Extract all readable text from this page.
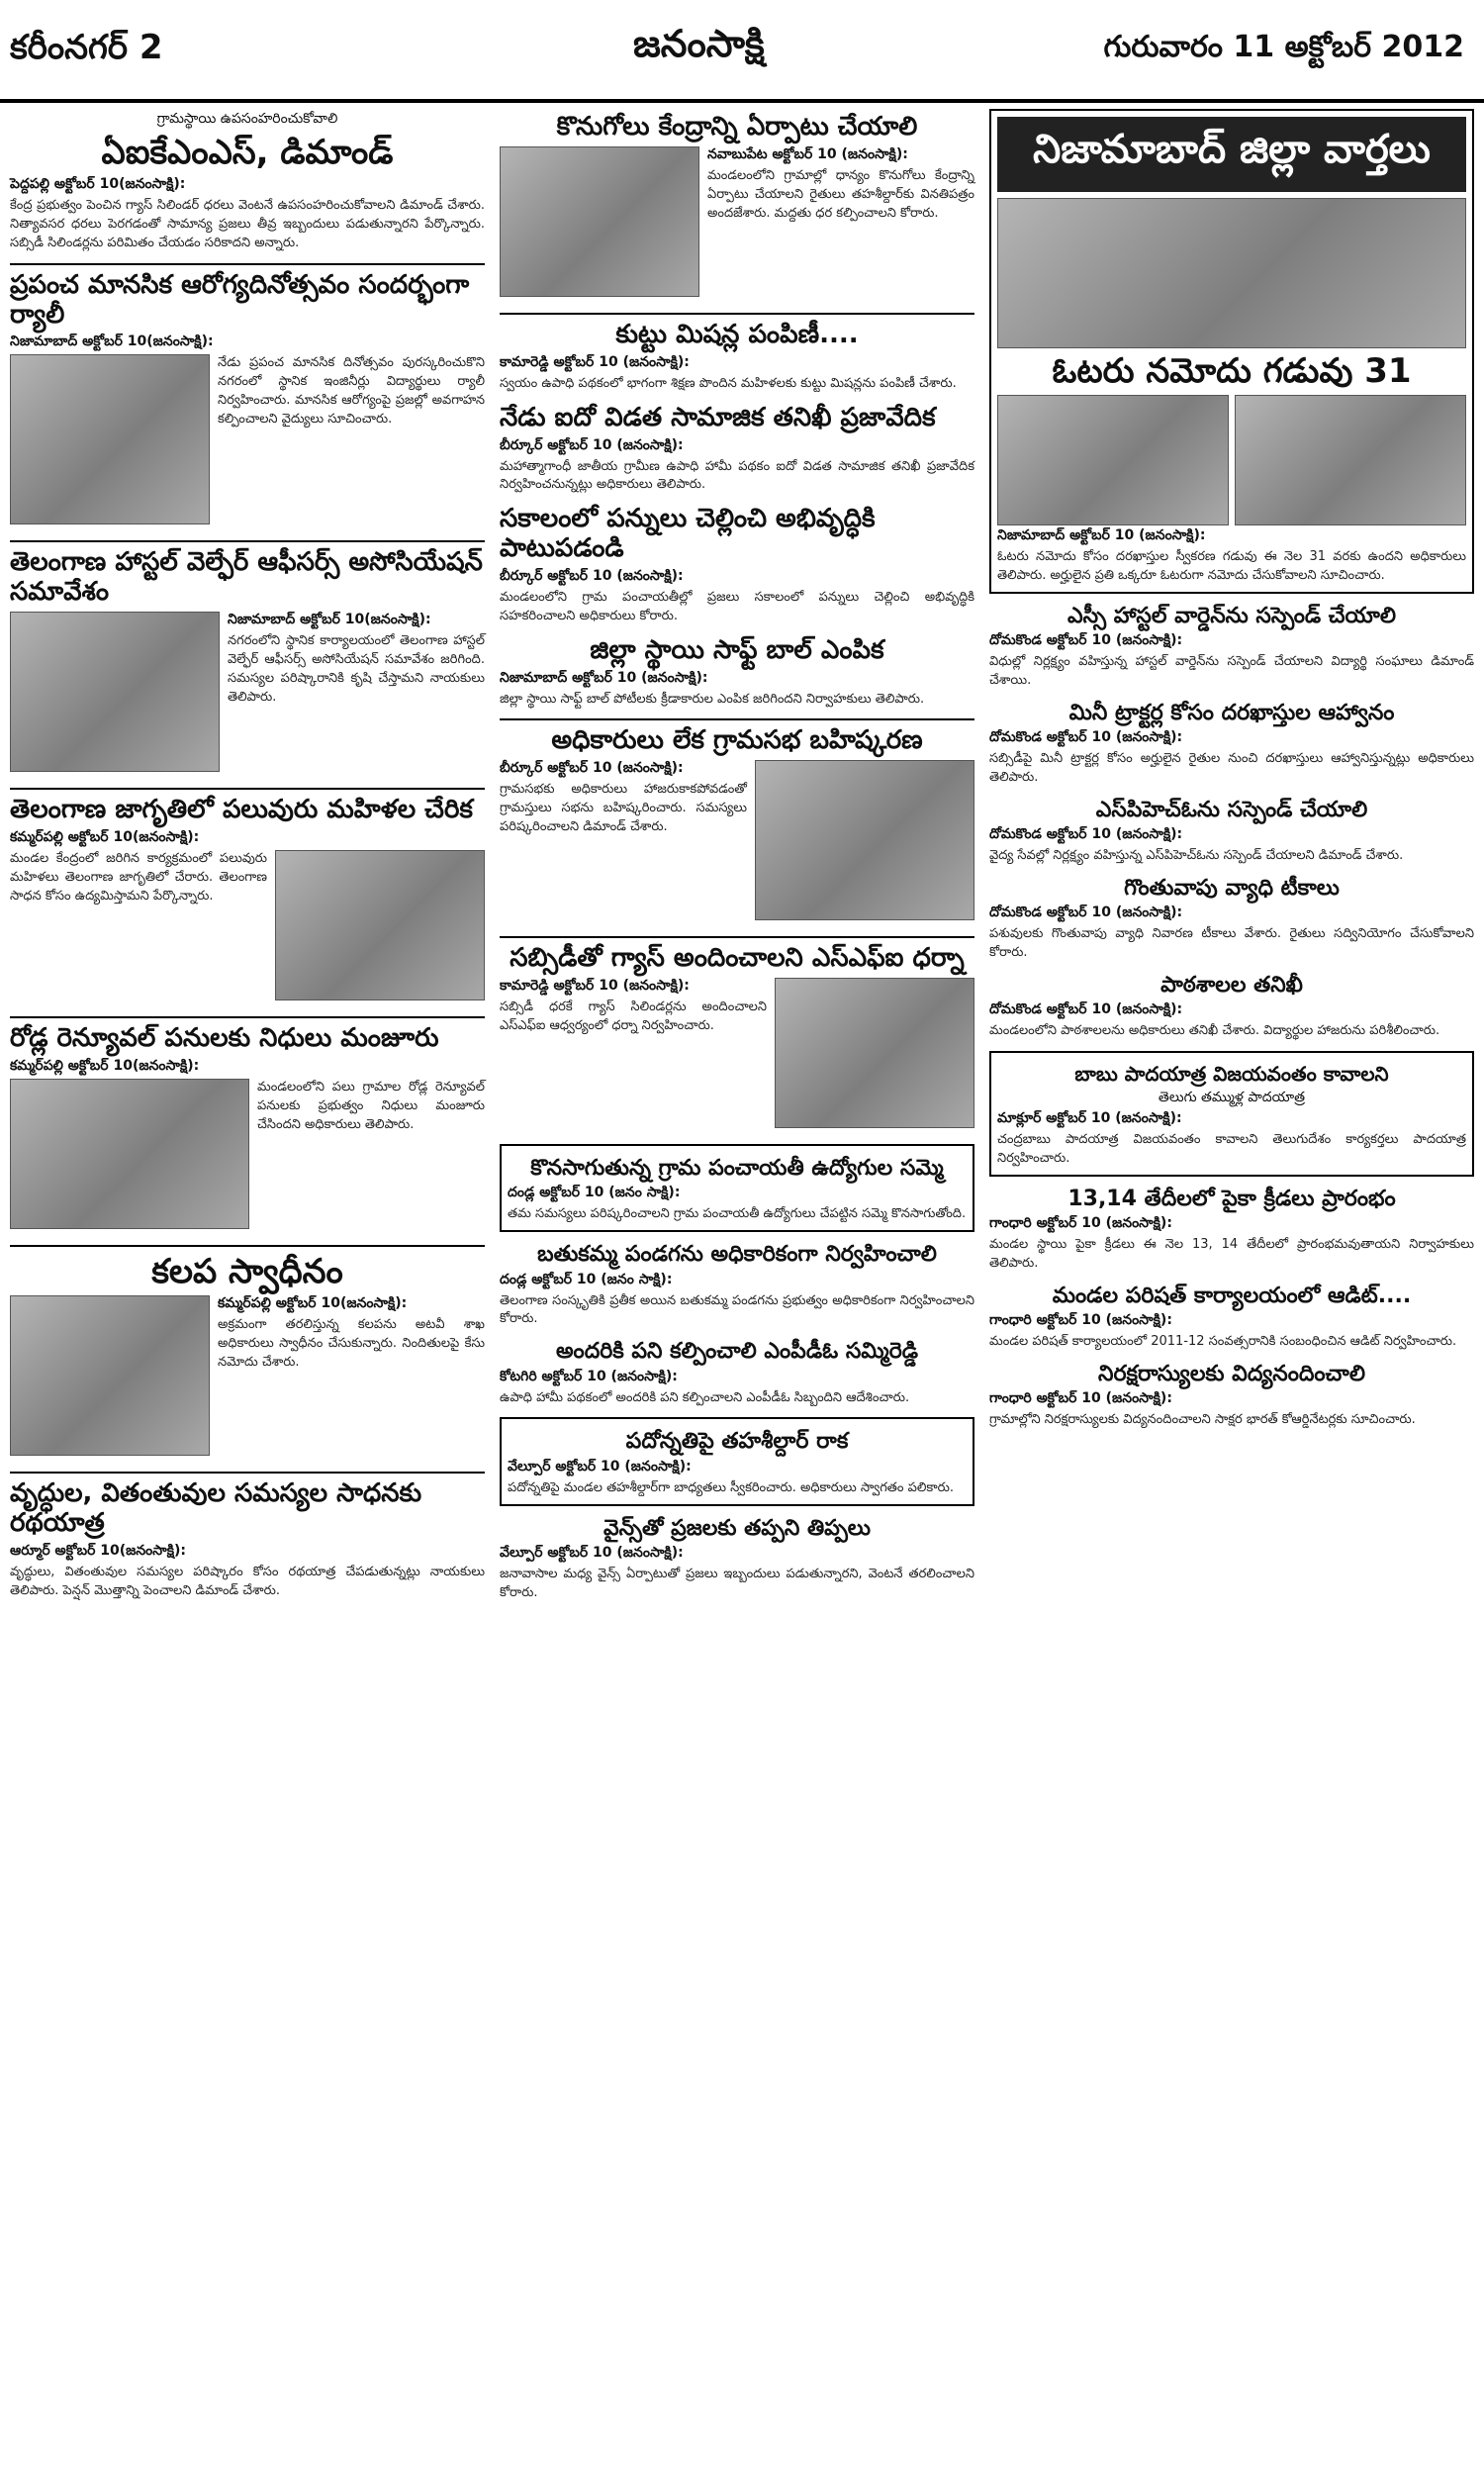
కరీంనగర్ 2	జనంసాక్షి	గురువారం 11 అక్టోబర్ 2012
గ్రామస్థాయి ఉపసంహరించుకోవాలి
ఏఐకేఎంఎస్, డిమాండ్
పెద్దపల్లి అక్టోబర్ 10(జనంసాక్షి):

కేంద్ర ప్రభుత్వం పెంచిన గ్యాస్ సిలిండర్ ధరలు వెంటనే ఉపసంహరించుకోవాలని డిమాండ్ చేశారు. నిత్యావసర ధరలు పెరగడంతో సామాన్య ప్రజలు తీవ్ర ఇబ్బందులు పడుతున్నారని పేర్కొన్నారు. సబ్సిడీ సిలిండర్లను పరిమితం చేయడం సరికాదని అన్నారు.

ప్రపంచ మానసిక ఆరోగ్యదినోత్సవం సందర్భంగా ర్యాలీ
నిజామాబాద్ అక్టోబర్ 10(జనంసాక్షి):

నేడు ప్రపంచ మానసిక దినోత్సవం పురస్కరించుకొని నగరంలో స్థానిక ఇంజినీర్లు విద్యార్థులు ర్యాలీ నిర్వహించారు. మానసిక ఆరోగ్యంపై ప్రజల్లో అవగాహన కల్పించాలని వైద్యులు సూచించారు.

తెలంగాణ హాస్టల్ వెల్ఫేర్ ఆఫీసర్స్ అసోసియేషన్ సమావేశం
నిజామాబాద్ అక్టోబర్ 10(జనంసాక్షి):

నగరంలోని స్థానిక కార్యాలయంలో తెలంగాణ హాస్టల్ వెల్ఫేర్ ఆఫీసర్స్ అసోసియేషన్ సమావేశం జరిగింది. సమస్యల పరిష్కారానికి కృషి చేస్తామని నాయకులు తెలిపారు.

తెలంగాణ జాగృతిలో పలువురు మహిళల చేరిక
కమ్మర్‌పల్లి అక్టోబర్ 10(జనంసాక్షి):

మండల కేంద్రంలో జరిగిన కార్యక్రమంలో పలువురు మహిళలు తెలంగాణ జాగృతిలో చేరారు. తెలంగాణ సాధన కోసం ఉద్యమిస్తామని పేర్కొన్నారు.

రోడ్ల రెన్యూవల్ పనులకు నిధులు మంజూరు
కమ్మర్‌పల్లి అక్టోబర్ 10(జనంసాక్షి):

మండలంలోని పలు గ్రామాల రోడ్ల రెన్యూవల్ పనులకు ప్రభుత్వం నిధులు మంజూరు చేసిందని అధికారులు తెలిపారు.

కలప స్వాధీనం
కమ్మర్‌పల్లి అక్టోబర్ 10(జనంసాక్షి):

అక్రమంగా తరలిస్తున్న కలపను అటవీ శాఖ అధికారులు స్వాధీనం చేసుకున్నారు. నిందితులపై కేసు నమోదు చేశారు.

వృద్ధుల, వితంతువుల సమస్యల సాధనకు రథయాత్ర
ఆర్మూర్ అక్టోబర్ 10(జనంసాక్షి):

వృద్ధులు, వితంతువుల సమస్యల పరిష్కారం కోసం రథయాత్ర చేపడుతున్నట్లు నాయకులు తెలిపారు. పెన్షన్ మొత్తాన్ని పెంచాలని డిమాండ్ చేశారు.

కొనుగోలు కేంద్రాన్ని ఏర్పాటు చేయాలి
నవాబుపేట అక్టోబర్ 10 (జనంసాక్షి):

మండలంలోని గ్రామాల్లో ధాన్యం కొనుగోలు కేంద్రాన్ని ఏర్పాటు చేయాలని రైతులు తహశీల్దార్‌కు వినతిపత్రం అందజేశారు. మద్దతు ధర కల్పించాలని కోరారు.

కుట్టు మిషన్ల పంపిణీ....
కామారెడ్డి అక్టోబర్ 10 (జనంసాక్షి):

స్వయం ఉపాధి పథకంలో భాగంగా శిక్షణ పొందిన మహిళలకు కుట్టు మిషన్లను పంపిణీ చేశారు.

నేడు ఐదో విడత సామాజిక తనిఖీ ప్రజావేదిక
బీర్కూర్ అక్టోబర్ 10 (జనంసాక్షి):

మహాత్మాగాంధీ జాతీయ గ్రామీణ ఉపాధి హామీ పథకం ఐదో విడత సామాజిక తనిఖీ ప్రజావేదిక నిర్వహించనున్నట్లు అధికారులు తెలిపారు.

సకాలంలో పన్నులు చెల్లించి అభివృద్ధికి పాటుపడండి
బీర్కూర్ అక్టోబర్ 10 (జనంసాక్షి):

మండలంలోని గ్రామ పంచాయతీల్లో ప్రజలు సకాలంలో పన్నులు చెల్లించి అభివృద్ధికి సహకరించాలని అధికారులు కోరారు.

జిల్లా స్థాయి సాఫ్ట్ బాల్ ఎంపిక
నిజామాబాద్ అక్టోబర్ 10 (జనంసాక్షి):

జిల్లా స్థాయి సాఫ్ట్ బాల్ పోటీలకు క్రీడాకారుల ఎంపిక జరిగిందని నిర్వాహకులు తెలిపారు.

అధికారులు లేక గ్రామసభ బహిష్కరణ
బీర్కూర్ అక్టోబర్ 10 (జనంసాక్షి):

గ్రామసభకు అధికారులు హాజరుకాకపోవడంతో గ్రామస్తులు సభను బహిష్కరించారు. సమస్యలు పరిష్కరించాలని డిమాండ్ చేశారు.

సబ్సిడీతో గ్యాస్ అందించాలని ఎస్ఎఫ్ఐ ధర్నా
కామారెడ్డి అక్టోబర్ 10 (జనంసాక్షి):

సబ్సిడీ ధరకే గ్యాస్ సిలిండర్లను అందించాలని ఎస్ఎఫ్ఐ ఆధ్వర్యంలో ధర్నా నిర్వహించారు.

కొనసాగుతున్న గ్రామ పంచాయతీ ఉద్యోగుల సమ్మె
దండ్ల అక్టోబర్ 10 (జనం సాక్షి):

తమ సమస్యలు పరిష్కరించాలని గ్రామ పంచాయతీ ఉద్యోగులు చేపట్టిన సమ్మె కొనసాగుతోంది.

బతుకమ్మ పండగను అధికారికంగా నిర్వహించాలి
దండ్ల అక్టోబర్ 10 (జనం సాక్షి):

తెలంగాణ సంస్కృతికి ప్రతీక అయిన బతుకమ్మ పండగను ప్రభుత్వం అధికారికంగా నిర్వహించాలని కోరారు.

అందరికి పని కల్పించాలి ఎంపీడీఓ సమ్మిరెడ్డి
కోటగిరి అక్టోబర్ 10 (జనంసాక్షి):

ఉపాధి హామీ పథకంలో అందరికి పని కల్పించాలని ఎంపీడీఓ సిబ్బందిని ఆదేశించారు.

పదోన్నతిపై తహశీల్దార్ రాక
వేల్పూర్ అక్టోబర్ 10 (జనంసాక్షి):

పదోన్నతిపై మండల తహశీల్దార్‌గా బాధ్యతలు స్వీకరించారు. అధికారులు స్వాగతం పలికారు.

వైన్స్‌తో ప్రజలకు తప్పని తిప్పలు
వేల్పూర్ అక్టోబర్ 10 (జనంసాక్షి):

జనావాసాల మధ్య వైన్స్ ఏర్పాటుతో ప్రజలు ఇబ్బందులు పడుతున్నారని, వెంటనే తరలించాలని కోరారు.

నిజామాబాద్ జిల్లా వార్తలు
ఓటరు నమోదు గడువు 31
నిజామాబాద్ అక్టోబర్ 10 (జనంసాక్షి):

ఓటరు నమోదు కోసం దరఖాస్తుల స్వీకరణ గడువు ఈ నెల 31 వరకు ఉందని అధికారులు తెలిపారు. అర్హులైన ప్రతి ఒక్కరూ ఓటరుగా నమోదు చేసుకోవాలని సూచించారు.

ఎస్సీ హాస్టల్ వార్డెన్‌ను సస్పెండ్ చేయాలి
దోమకొండ అక్టోబర్ 10 (జనంసాక్షి):

విధుల్లో నిర్లక్ష్యం వహిస్తున్న హాస్టల్ వార్డెన్‌ను సస్పెండ్ చేయాలని విద్యార్థి సంఘాలు డిమాండ్ చేశాయి.

మినీ ట్రాక్టర్ల కోసం దరఖాస్తుల ఆహ్వానం
దోమకొండ అక్టోబర్ 10 (జనంసాక్షి):

సబ్సిడీపై మినీ ట్రాక్టర్ల కోసం అర్హులైన రైతుల నుంచి దరఖాస్తులు ఆహ్వానిస్తున్నట్లు అధికారులు తెలిపారు.

ఎస్‌పిహెచ్‌ఓను సస్పెండ్ చేయాలి
దోమకొండ అక్టోబర్ 10 (జనంసాక్షి):

వైద్య సేవల్లో నిర్లక్ష్యం వహిస్తున్న ఎస్‌పిహెచ్‌ఓను సస్పెండ్ చేయాలని డిమాండ్ చేశారు.

గొంతువాపు వ్యాధి టీకాలు
దోమకొండ అక్టోబర్ 10 (జనంసాక్షి):

పశువులకు గొంతువాపు వ్యాధి నివారణ టీకాలు వేశారు. రైతులు సద్వినియోగం చేసుకోవాలని కోరారు.

పాఠశాలల తనిఖీ
దోమకొండ అక్టోబర్ 10 (జనంసాక్షి):

మండలంలోని పాఠశాలలను అధికారులు తనిఖీ చేశారు. విద్యార్థుల హాజరును పరిశీలించారు.

బాబు పాదయాత్ర విజయవంతం కావాలని
తెలుగు తమ్ముళ్ల పాదయాత్ర
మాక్లూర్ అక్టోబర్ 10 (జనంసాక్షి):

చంద్రబాబు పాదయాత్ర విజయవంతం కావాలని తెలుగుదేశం కార్యకర్తలు పాదయాత్ర నిర్వహించారు.

13,14 తేదీలలో పైకా క్రీడలు ప్రారంభం
గాంధారి అక్టోబర్ 10 (జనంసాక్షి):

మండల స్థాయి పైకా క్రీడలు ఈ నెల 13, 14 తేదీలలో ప్రారంభమవుతాయని నిర్వాహకులు తెలిపారు.

మండల పరిషత్ కార్యాలయంలో ఆడిట్....
గాంధారి అక్టోబర్ 10 (జనంసాక్షి):

మండల పరిషత్ కార్యాలయంలో 2011-12 సంవత్సరానికి సంబంధించిన ఆడిట్ నిర్వహించారు.

నిరక్షరాస్యులకు విద్యనందించాలి
గాంధారి అక్టోబర్ 10 (జనంసాక్షి):

గ్రామాల్లోని నిరక్షరాస్యులకు విద్యనందించాలని సాక్షర భారత్ కోఆర్డినేటర్లకు సూచించారు.
